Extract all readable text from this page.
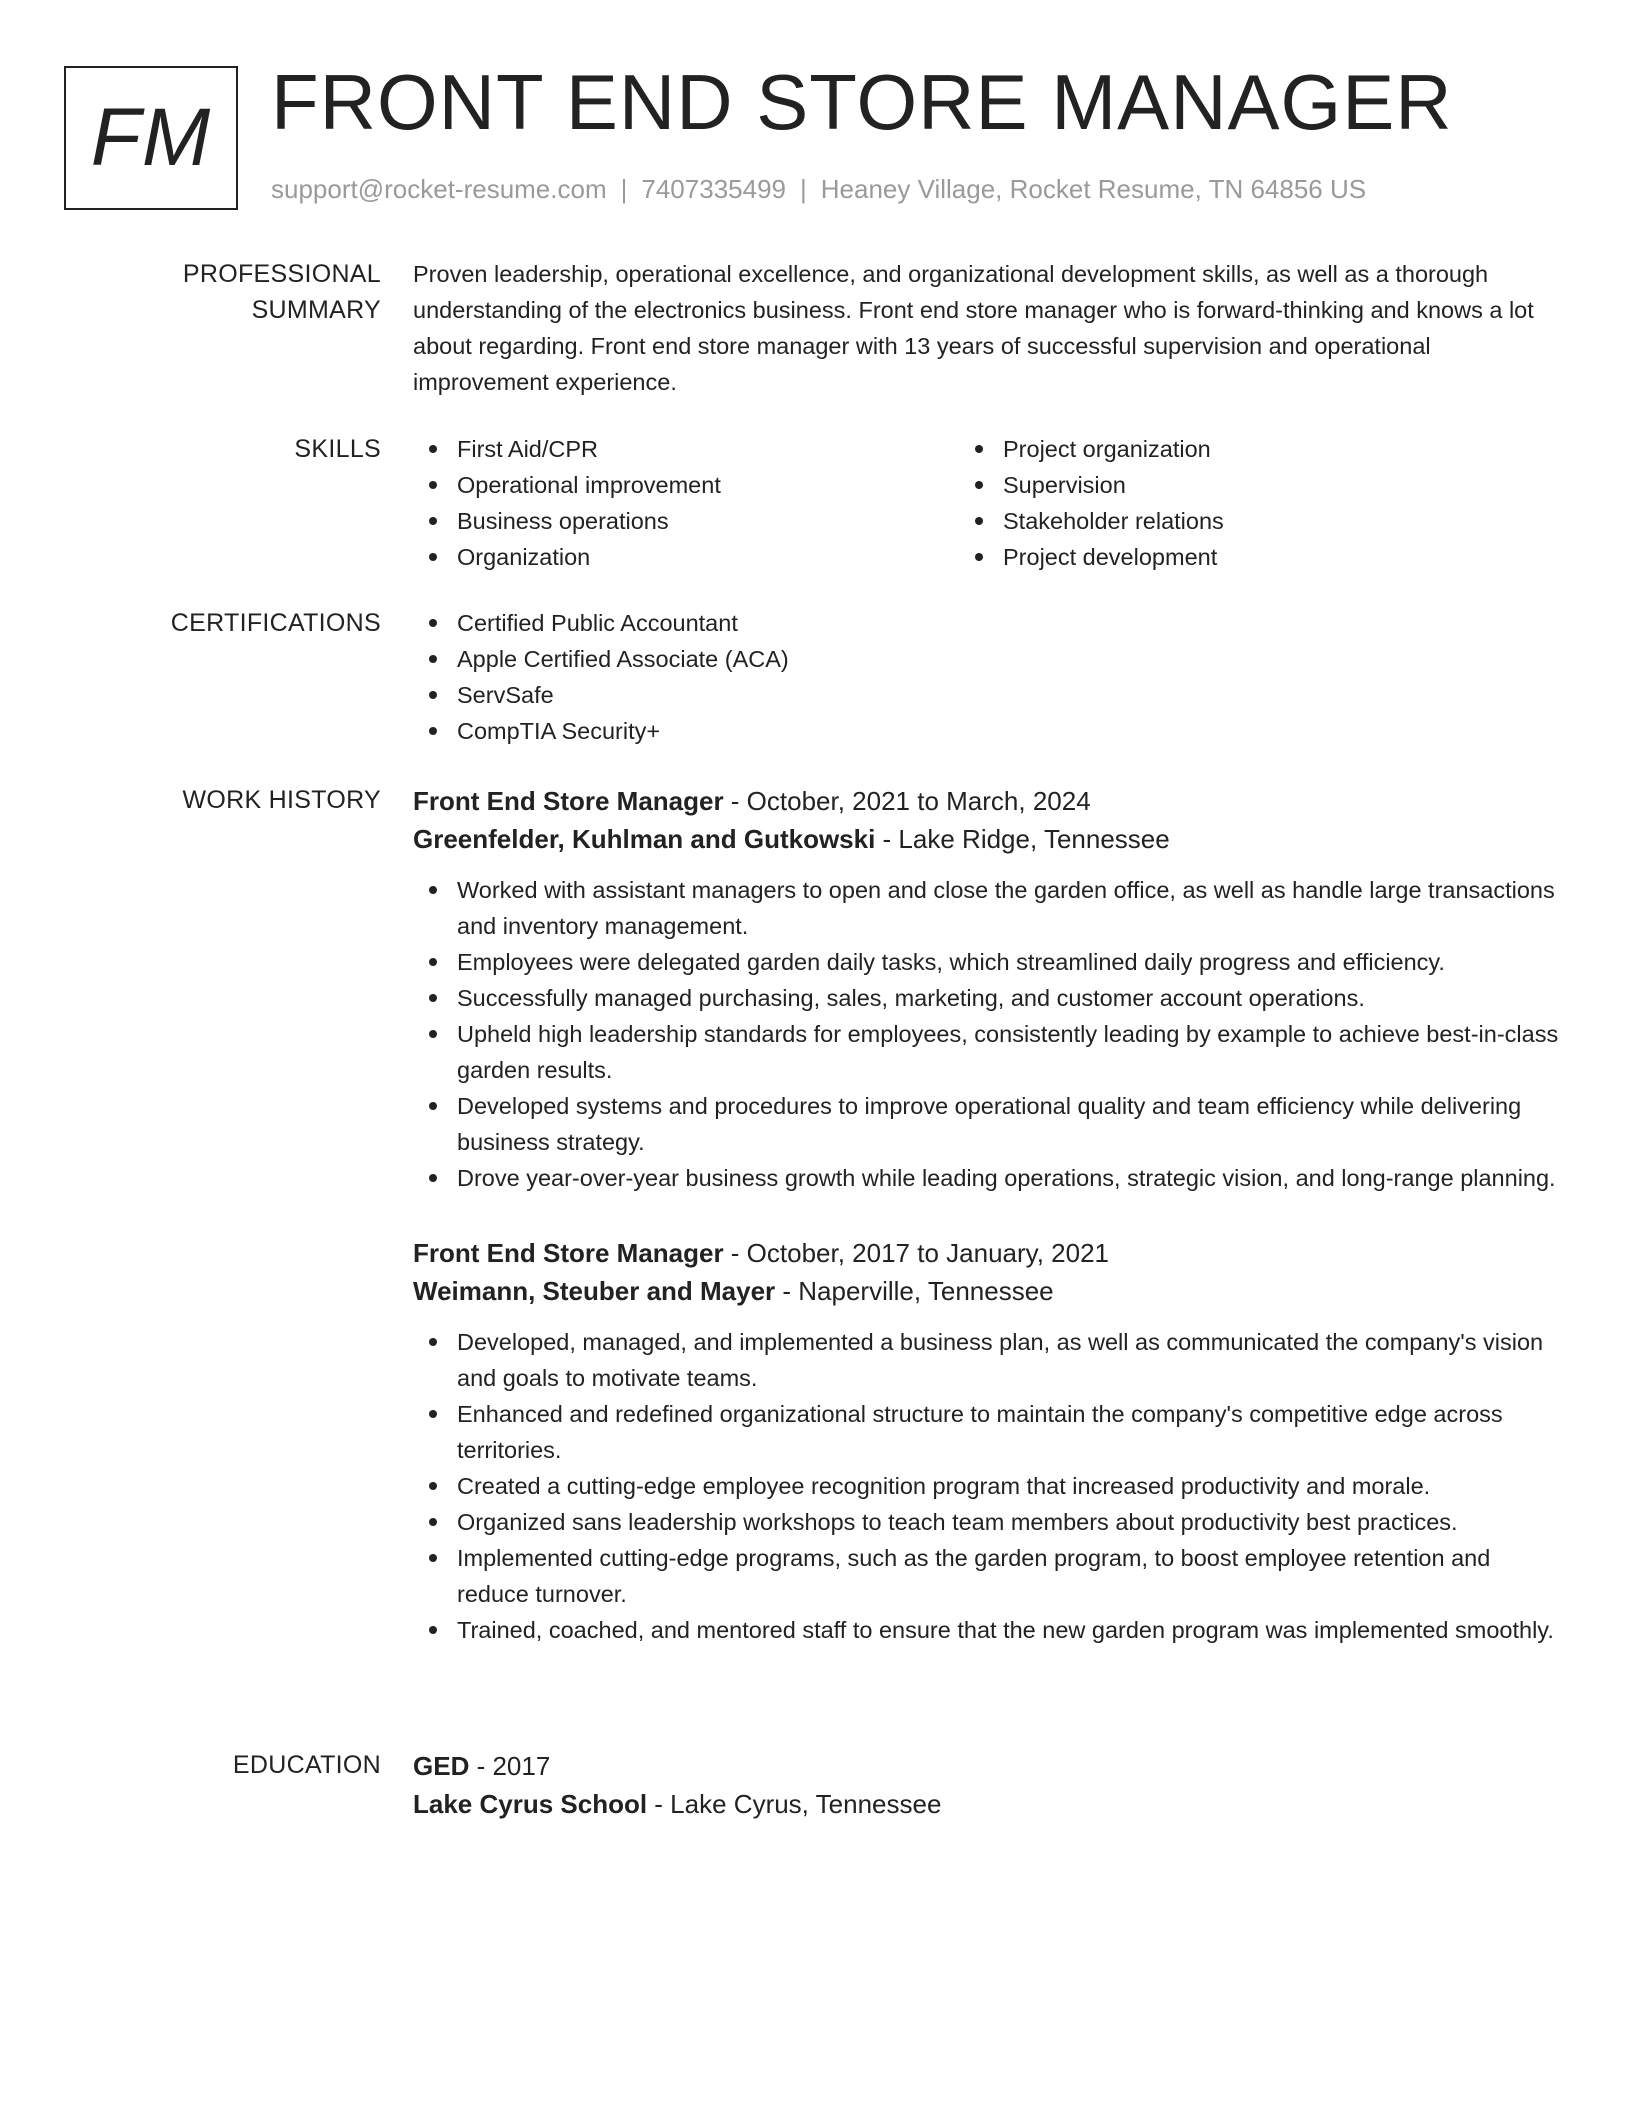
FM FRONT END STORE MANAGER
support@rocket-resume.com | 7407335499 | Heaney Village, Rocket Resume, TN 64856 US
PROFESSIONAL SUMMARY
Proven leadership, operational excellence, and organizational development skills, as well as a thorough understanding of the electronics business. Front end store manager who is forward-thinking and knows a lot about regarding. Front end store manager with 13 years of successful supervision and operational improvement experience.
SKILLS	First Aid/CPR
Operational improvement
Business operations
Organization
Project organization
Supervision
Stakeholder relations
Project development
CERTIFICATIONS	Certified Public Accountant
Apple Certified Associate (ACA)
ServSafe
CompTIA Security+
WORK HISTORY	Front End Store Manager - October, 2021 to March, 2024
Greenfelder, Kuhlman and Gutkowski - Lake Ridge, Tennessee
Worked with assistant managers to open and close the garden office, as well as handle large transactions and inventory management.
Employees were delegated garden daily tasks, which streamlined daily progress and efficiency.
Successfully managed purchasing, sales, marketing, and customer account operations.
Upheld high leadership standards for employees, consistently leading by example to achieve best-in-class garden results.
Developed systems and procedures to improve operational quality and team efficiency while delivering business strategy.
Drove year-over-year business growth while leading operations, strategic vision, and long-range planning.
Front End Store Manager - October, 2017 to January, 2021
Weimann, Steuber and Mayer - Naperville, Tennessee
Developed, managed, and implemented a business plan, as well as communicated the company's vision and goals to motivate teams.
Enhanced and redefined organizational structure to maintain the company's competitive edge across territories.
Created a cutting-edge employee recognition program that increased productivity and morale.
Organized sans leadership workshops to teach team members about productivity best practices.
Implemented cutting-edge programs, such as the garden program, to boost employee retention and reduce turnover.
Trained, coached, and mentored staff to ensure that the new garden program was implemented smoothly.
EDUCATION	GED - 2017
Lake Cyrus School - Lake Cyrus, Tennessee
